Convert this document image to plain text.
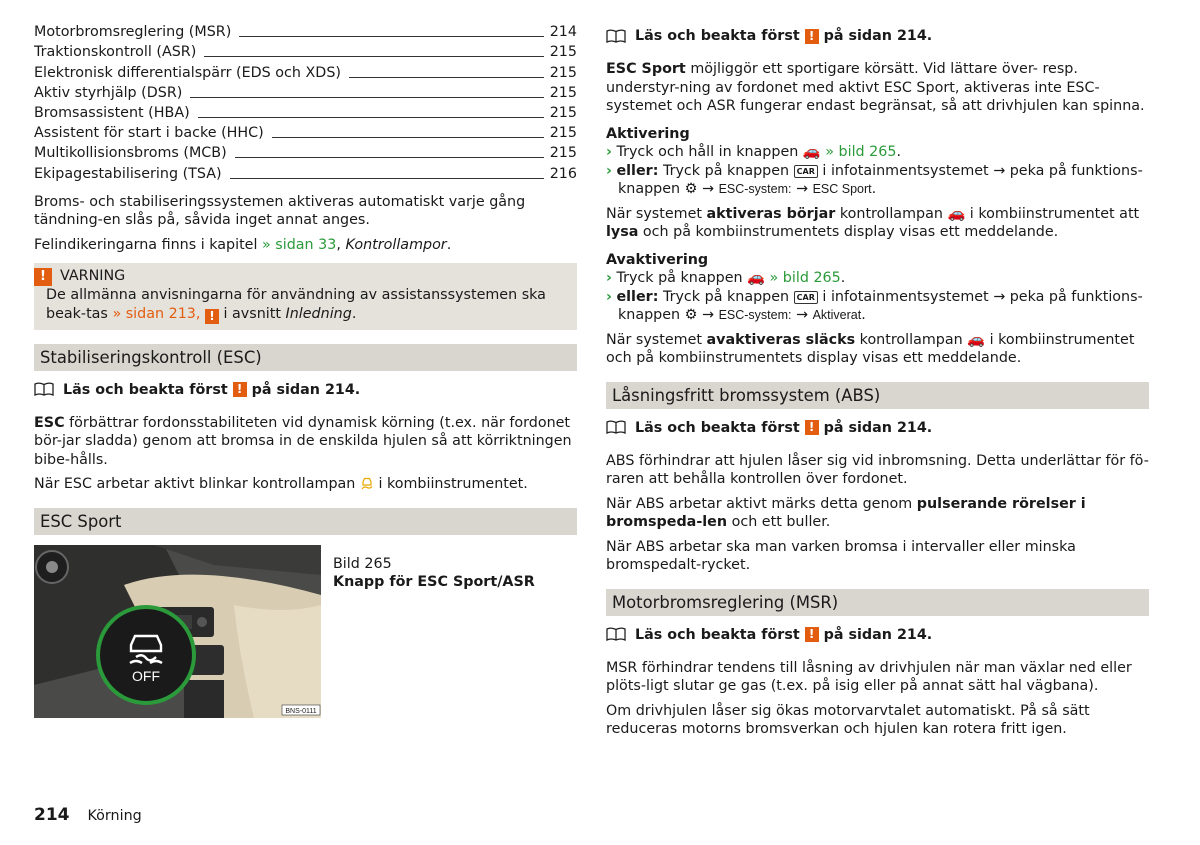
Motorbromsreglering (MSR)	214
Traktionskontroll (ASR)	215
Elektronisk differentialspärr (EDS och XDS)	215
Aktiv styrhjälp (DSR)	215
Bromsassistent (HBA)	215
Assistent för start i backe (HHC)	215
Multikollisionsbroms (MCB)	215
Ekipagestabilisering (TSA)	216

Broms- och stabiliseringssystemen aktiveras automatiskt varje gång tändning-en slås på, såvida inget annat anges.

Felindikeringarna finns i kapitel » sidan 33, Kontrollampor.

! VARNING

De allmänna anvisningarna för användning av assistanssystemen ska beak-tas » sidan 213, ! i avsnitt Inledning.

Stabiliseringskontroll (ESC)
Läs och beakta först
!
på sidan 214.

ESC förbättrar fordonsstabiliteten vid dynamisk körning (t.ex. när fordonet bör-jar sladda) genom att bromsa in de enskilda hjulen så att körriktningen bibe-hålls.

När ESC arbetar aktivt blinkar kontrollampan  i kombiinstrumentet.

ESC Sport
BNS-0111
OFF

Bild 265

Knapp för ESC Sport/ASR

Läs och beakta först
!
på sidan 214.

ESC Sport möjliggör ett sportigare körsätt. Vid lättare över- resp. understyr-ning av fordonet med aktivt ESC Sport, aktiveras inte ESC-systemet och ASR fungerar endast begränsat, så att drivhjulen kan spinna.

Aktivering

› Tryck och håll in knappen 🚗 » bild 265.

› eller: Tryck på knappen CAR i infotainmentsystemet → peka på funktions-

knappen ⚙ → ESC-system: → ESC Sport.

När systemet aktiveras börjar kontrollampan 🚗 i kombiinstrumentet att lysa och på kombiinstrumentets display visas ett meddelande.

Avaktivering

› Tryck på knappen 🚗 » bild 265.

› eller: Tryck på knappen CAR i infotainmentsystemet → peka på funktions-

knappen ⚙ → ESC-system: → Aktiverat.

När systemet avaktiveras släcks kontrollampan 🚗 i kombiinstrumentet och på kombiinstrumentets display visas ett meddelande.

Låsningsfritt bromssystem (ABS)
Läs och beakta först
!
på sidan 214.

ABS förhindrar att hjulen låser sig vid inbromsning. Detta underlättar för fö-raren att behålla kontrollen över fordonet.

När ABS arbetar aktivt märks detta genom pulserande rörelser i bromspeda-len och ett buller.

När ABS arbetar ska man varken bromsa i intervaller eller minska bromspedalt-rycket.

Motorbromsreglering (MSR)
Läs och beakta först
!
på sidan 214.

MSR förhindrar tendens till låsning av drivhjulen när man växlar ned eller plöts-ligt slutar ge gas (t.ex. på isig eller på annat sätt hal vägbana).

Om drivhjulen låser sig ökas motorvarvtalet automatiskt. På så sätt reduceras motorns bromsverkan och hjulen kan rotera fritt igen.

214 Körning
